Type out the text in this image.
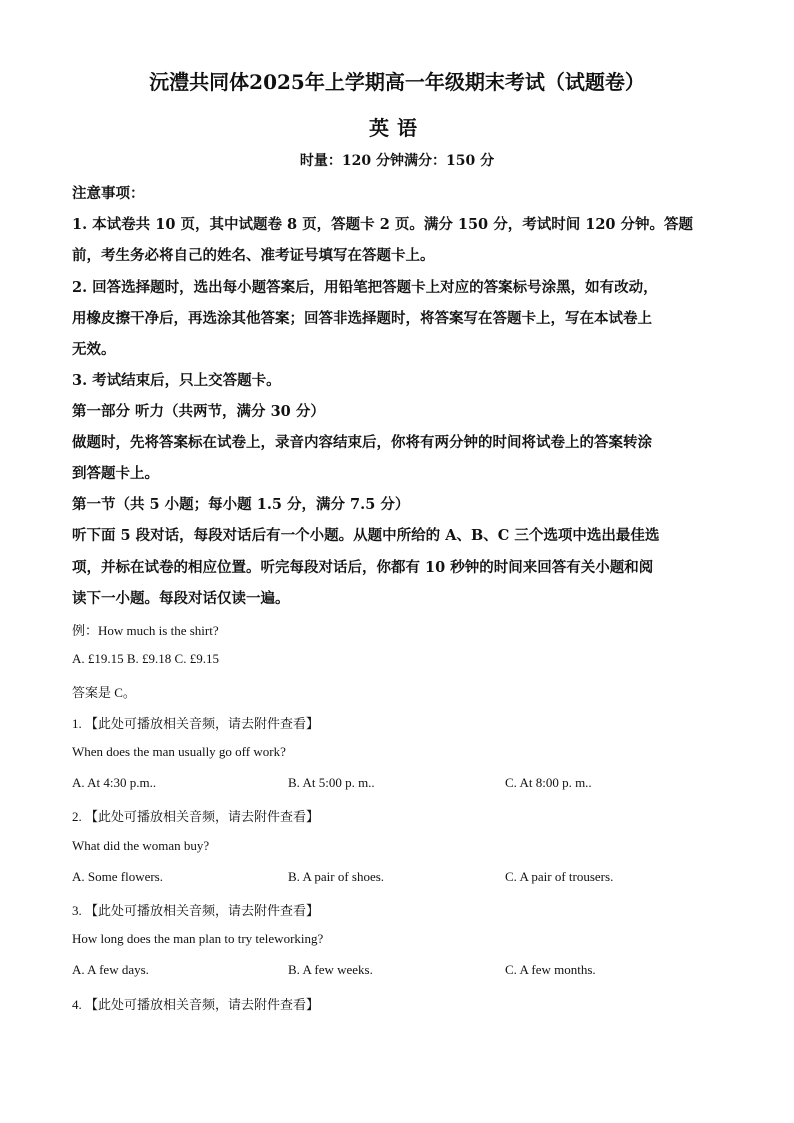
沅澧共同体2025年上学期高一年级期末考试（试题卷）
英语
时量：120 分钟满分：150 分
注意事项：
1. 本试卷共 10 页，其中试题卷 8 页，答题卡 2 页。满分 150 分，考试时间 120 分钟。答题
前，考生务必将自己的姓名、准考证号填写在答题卡上。
2. 回答选择题时，选出每小题答案后，用铅笔把答题卡上对应的答案标号涂黑，如有改动，
用橡皮擦干净后，再选涂其他答案；回答非选择题时，将答案写在答题卡上，写在本试卷上
无效。
3. 考试结束后，只上交答题卡。
第一部分 听力（共两节，满分 30 分）
做题时，先将答案标在试卷上，录音内容结束后，你将有两分钟的时间将试卷上的答案转涂
到答题卡上。
第一节（共 5 小题；每小题 1.5 分，满分 7.5 分）
听下面 5 段对话，每段对话后有一个小题。从题中所给的 A、B、C 三个选项中选出最佳选
项，并标在试卷的相应位置。听完每段对话后，你都有 10 秒钟的时间来回答有关小题和阅
读下一小题。每段对话仅读一遍。
例：How much is the shirt?
A. £19.15 B. £9.18 C. £9.15
答案是 C。
1. 【此处可播放相关音频，请去附件查看】
When does the man usually go off work?
A. At 4:30 p.m..	B. At 5:00 p. m..	C. At 8:00 p. m..
2. 【此处可播放相关音频，请去附件查看】
What did the woman buy?
A. Some flowers.	B. A pair of shoes.	C. A pair of trousers.
3. 【此处可播放相关音频，请去附件查看】
How long does the man plan to try teleworking?
A. A few days.	B. A few weeks.	C. A few months.
4. 【此处可播放相关音频，请去附件查看】
